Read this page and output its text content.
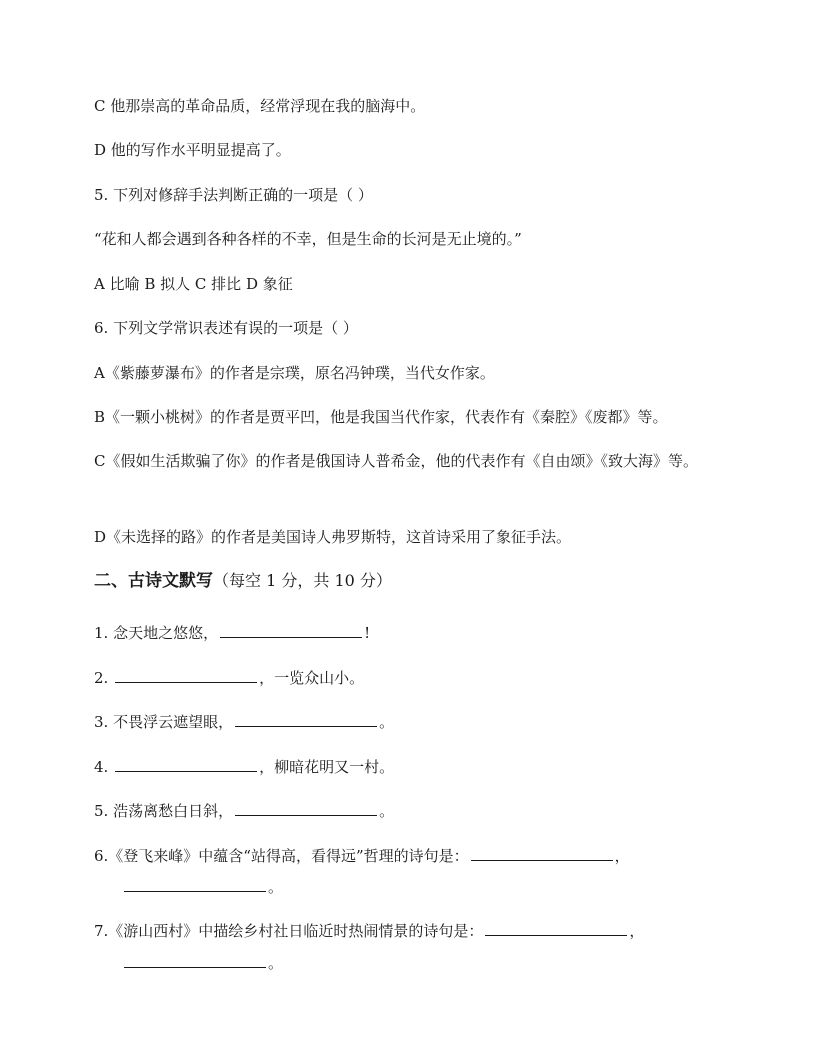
C 他那崇高的革命品质，经常浮现在我的脑海中。
D 他的写作水平明显提高了。
5. 下列对修辞手法判断正确的一项是（ ）
“花和人都会遇到各种各样的不幸，但是生命的长河是无止境的。”
A 比喻 B 拟人 C 排比 D 象征
6. 下列文学常识表述有误的一项是（ ）
A《紫藤萝瀑布》的作者是宗璞，原名冯钟璞，当代女作家。
B《一颗小桃树》的作者是贾平凹，他是我国当代作家，代表作有《秦腔》《废都》等。
C《假如生活欺骗了你》的作者是俄国诗人普希金，他的代表作有《自由颂》《致大海》等。
D《未选择的路》的作者是美国诗人弗罗斯特，这首诗采用了象征手法。
二、古诗文默写（每空 1 分，共 10 分）
1. 念天地之悠悠，	!
2.	，一览众山小。
3. 不畏浮云遮望眼，	。
4.	，柳暗花明又一村。
5. 浩荡离愁白日斜，	。
6.《登飞来峰》中蕴含“站得高，看得远”哲理的诗句是：	，
。
7.《游山西村》中描绘乡村社日临近时热闹情景的诗句是：	，
。
